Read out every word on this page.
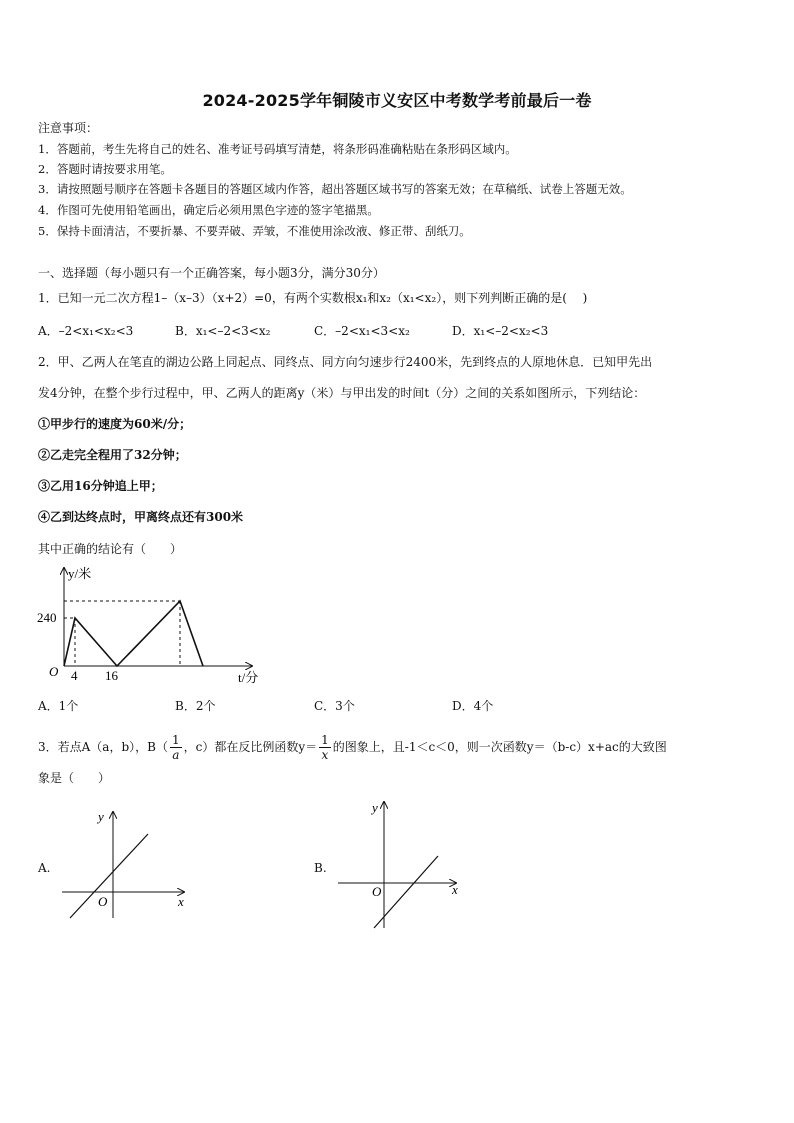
2024-2025学年铜陵市义安区中考数学考前最后一卷
注意事项：
1．答题前，考生先将自己的姓名、准考证号码填写清楚，将条形码准确粘贴在条形码区域内。
2．答题时请按要求用笔。
3．请按照题号顺序在答题卡各题目的答题区域内作答，超出答题区域书写的答案无效；在草稿纸、试卷上答题无效。
4．作图可先使用铅笔画出，确定后必须用黑色字迹的签字笔描黑。
5．保持卡面清洁，不要折暴、不要弄破、弄皱，不准使用涂改液、修正带、刮纸刀。
一、选择题（每小题只有一个正确答案，每小题3分，满分30分）
1．已知一元二次方程1–（x–3）（x+2）=0，有两个实数根x₁和x₂（x₁<x₂），则下列判断正确的是(　 )
A．–2<x₁<x₂<3	B．x₁<–2<3<x₂	C．–2<x₁<3<x₂	D．x₁<–2<x₂<3
2．甲、乙两人在笔直的湖边公路上同起点、同终点、同方向匀速步行2400米，先到终点的人原地休息．已知甲先出
发4分钟，在整个步行过程中，甲、乙两人的距离y（米）与甲出发的时间t（分）之间的关系如图所示，下列结论：
①甲步行的速度为60米/分；
②乙走完全程用了32分钟；
③乙用16分钟追上甲；
④乙到达终点时，甲离终点还有300米
其中正确的结论有（　　）
y/米
t/分
O
240
4 16
A．1个	B．2个	C．3个	D．4个
3．若点A（a，b），$B( \frac{1}{a}$ ，c）都在反比例函数$y= \frac{1}{x}$ 的图象上，且-1＜c＜0，则一次函数y＝（b-c）x+ac的大致图
象是（　　）
A.
y
x
O
B.
y
x
O
